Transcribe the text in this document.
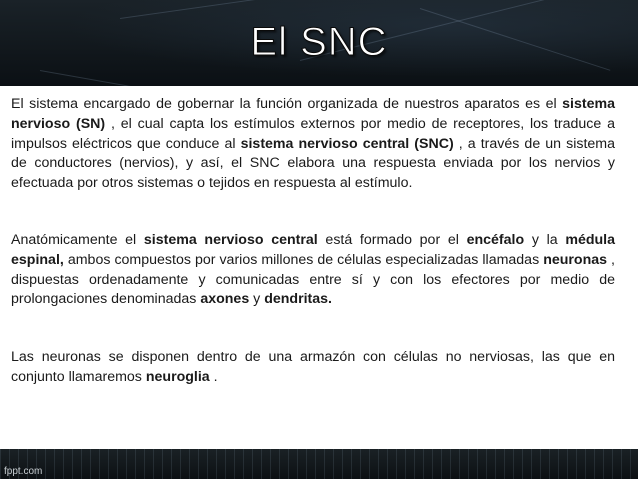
El SNC

El sistema encargado de gobernar la función organizada de nuestros aparatos es el sistema nervioso (SN) , el cual capta los estímulos externos por medio de receptores, los traduce a impulsos eléctricos que conduce al sistema nervioso central (SNC) , a través de un sistema de conductores (nervios), y así, el SNC elabora una respuesta enviada por los nervios y efectuada por otros sistemas o tejidos en respuesta al estímulo.

Anatómicamente el sistema nervioso central está formado por el encéfalo y la médula espinal, ambos compuestos por varios millones de células especializadas llamadas neuronas , dispuestas ordenadamente y comunicadas entre sí y con los efectores por medio de prolongaciones denominadas axones y dendritas.

Las neuronas se disponen dentro de una armazón con células no nerviosas, las que en conjunto llamaremos neuroglia .

fppt.com
